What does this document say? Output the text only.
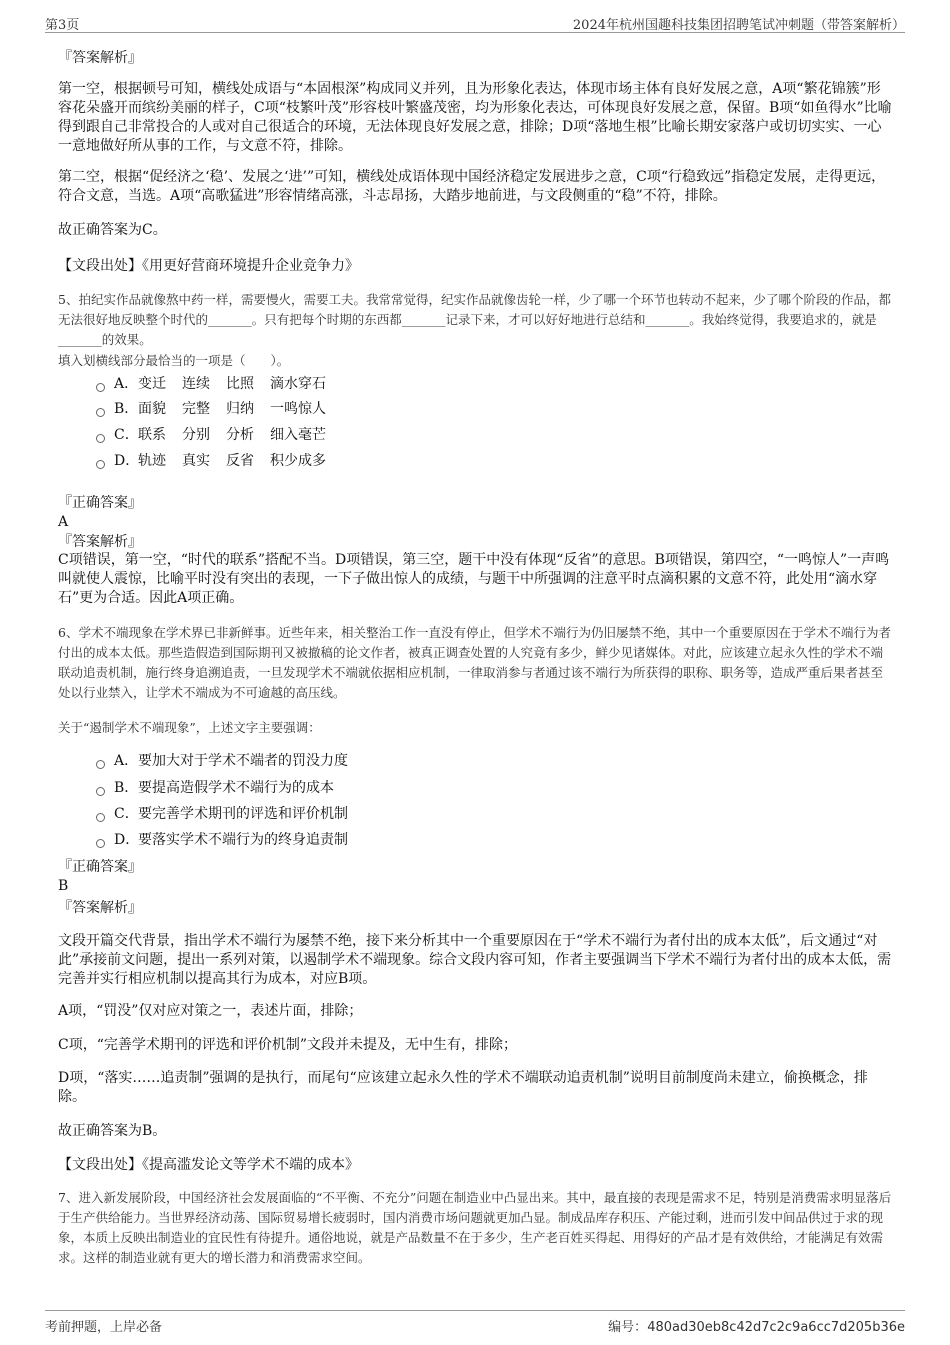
第3页	2024年杭州国趣科技集团招聘笔试冲刺题（带答案解析）
『答案解析』
第一空，根据顿号可知，横线处成语与“本固根深”构成同义并列，且为形象化表达，体现市场主体有良好发展之意，A项“繁花锦簇”形容花朵盛开而缤纷美丽的样子，C项“枝繁叶茂”形容枝叶繁盛茂密，均为形象化表达，可体现良好发展之意，保留。B项“如鱼得水”比喻得到跟自己非常投合的人或对自己很适合的环境，无法体现良好发展之意，排除；D项“落地生根”比喻长期安家落户或切切实实、一心一意地做好所从事的工作，与文意不符，排除。
第二空，根据“促经济之‘稳’、发展之‘进’”可知，横线处成语体现中国经济稳定发展进步之意，C项“行稳致远”指稳定发展，走得更远，符合文意，当选。A项“高歌猛进”形容情绪高涨，斗志昂扬，大踏步地前进，与文段侧重的“稳”不符，排除。
故正确答案为C。
【文段出处】《用更好营商环境提升企业竞争力》
5、拍纪实作品就像熬中药一样，需要慢火，需要工夫。我常常觉得，纪实作品就像齿轮一样，少了哪一个环节也转动不起来，少了哪个阶段的作品，都无法很好地反映整个时代的_______。只有把每个时期的东西都_______记录下来，才可以好好地进行总结和_______。我始终觉得，我要追求的，就是_______的效果。
填入划横线部分最恰当的一项是（　　）。
A． 变迁 连续 比照 滴水穿石
B． 面貌 完整 归纳 一鸣惊人
C． 联系 分别 分析 细入毫芒
D．
轨迹 真实 反省 积少成多
『正确答案』
A
『答案解析』
C项错误，第一空，“时代的联系”搭配不当。D项错误，第三空，题干中没有体现“反省”的意思。B项错误，第四空，“一鸣惊人”一声鸣叫就使人震惊，比喻平时没有突出的表现，一下子做出惊人的成绩，与题干中所强调的注意平时点滴积累的文意不符，此处用“滴水穿石”更为合适。因此A项正确。
6、学术不端现象在学术界已非新鲜事。近些年来，相关整治工作一直没有停止，但学术不端行为仍旧屡禁不绝，其中一个重要原因在于学术不端行为者付出的成本太低。那些造假造到国际期刊又被撤稿的论文作者，被真正调查处置的人究竟有多少，鲜少见诸媒体。对此，应该建立起永久性的学术不端联动追责机制，施行终身追溯追责，一旦发现学术不端就依据相应机制，一律取消参与者通过该不端行为所获得的职称、职务等，造成严重后果者甚至处以行业禁入，让学术不端成为不可逾越的高压线。
关于“遏制学术不端现象”，上述文字主要强调：
A． 要加大对于学术不端者的罚没力度
B． 要提高造假学术不端行为的成本
C． 要完善学术期刊的评选和评价机制
D．
要落实学术不端行为的终身追责制
『正确答案』
B
『答案解析』
文段开篇交代背景，指出学术不端行为屡禁不绝，接下来分析其中一个重要原因在于“学术不端行为者付出的成本太低”，后文通过“对此”承接前文问题，提出一系列对策，以遏制学术不端现象。综合文段内容可知，作者主要强调当下学术不端行为者付出的成本太低，需完善并实行相应机制以提高其行为成本，对应B项。
A项，“罚没”仅对应对策之一，表述片面，排除；
C项，“完善学术期刊的评选和评价机制”文段并未提及，无中生有，排除；
D项，“落实……追责制”强调的是执行，而尾句“应该建立起永久性的学术不端联动追责机制”说明目前制度尚未建立，偷换概念，排除。
故正确答案为B。
【文段出处】《提高滥发论文等学术不端的成本》
7、进入新发展阶段，中国经济社会发展面临的“不平衡、不充分”问题在制造业中凸显出来。其中，最直接的表现是需求不足，特别是消费需求明显落后于生产供给能力。当世界经济动荡、国际贸易增长疲弱时，国内消费市场问题就更加凸显。制成品库存积压、产能过剩，进而引发中间品供过于求的现象，本质上反映出制造业的宜民性有待提升。通俗地说，就是产品数量不在于多少，生产老百姓买得起、用得好的产品才是有效供给，才能满足有效需求。这样的制造业就有更大的增长潜力和消费需求空间。
考前押题，上岸必备	编号：480ad30eb8c42d7c2c9a6cc7d205b36e
